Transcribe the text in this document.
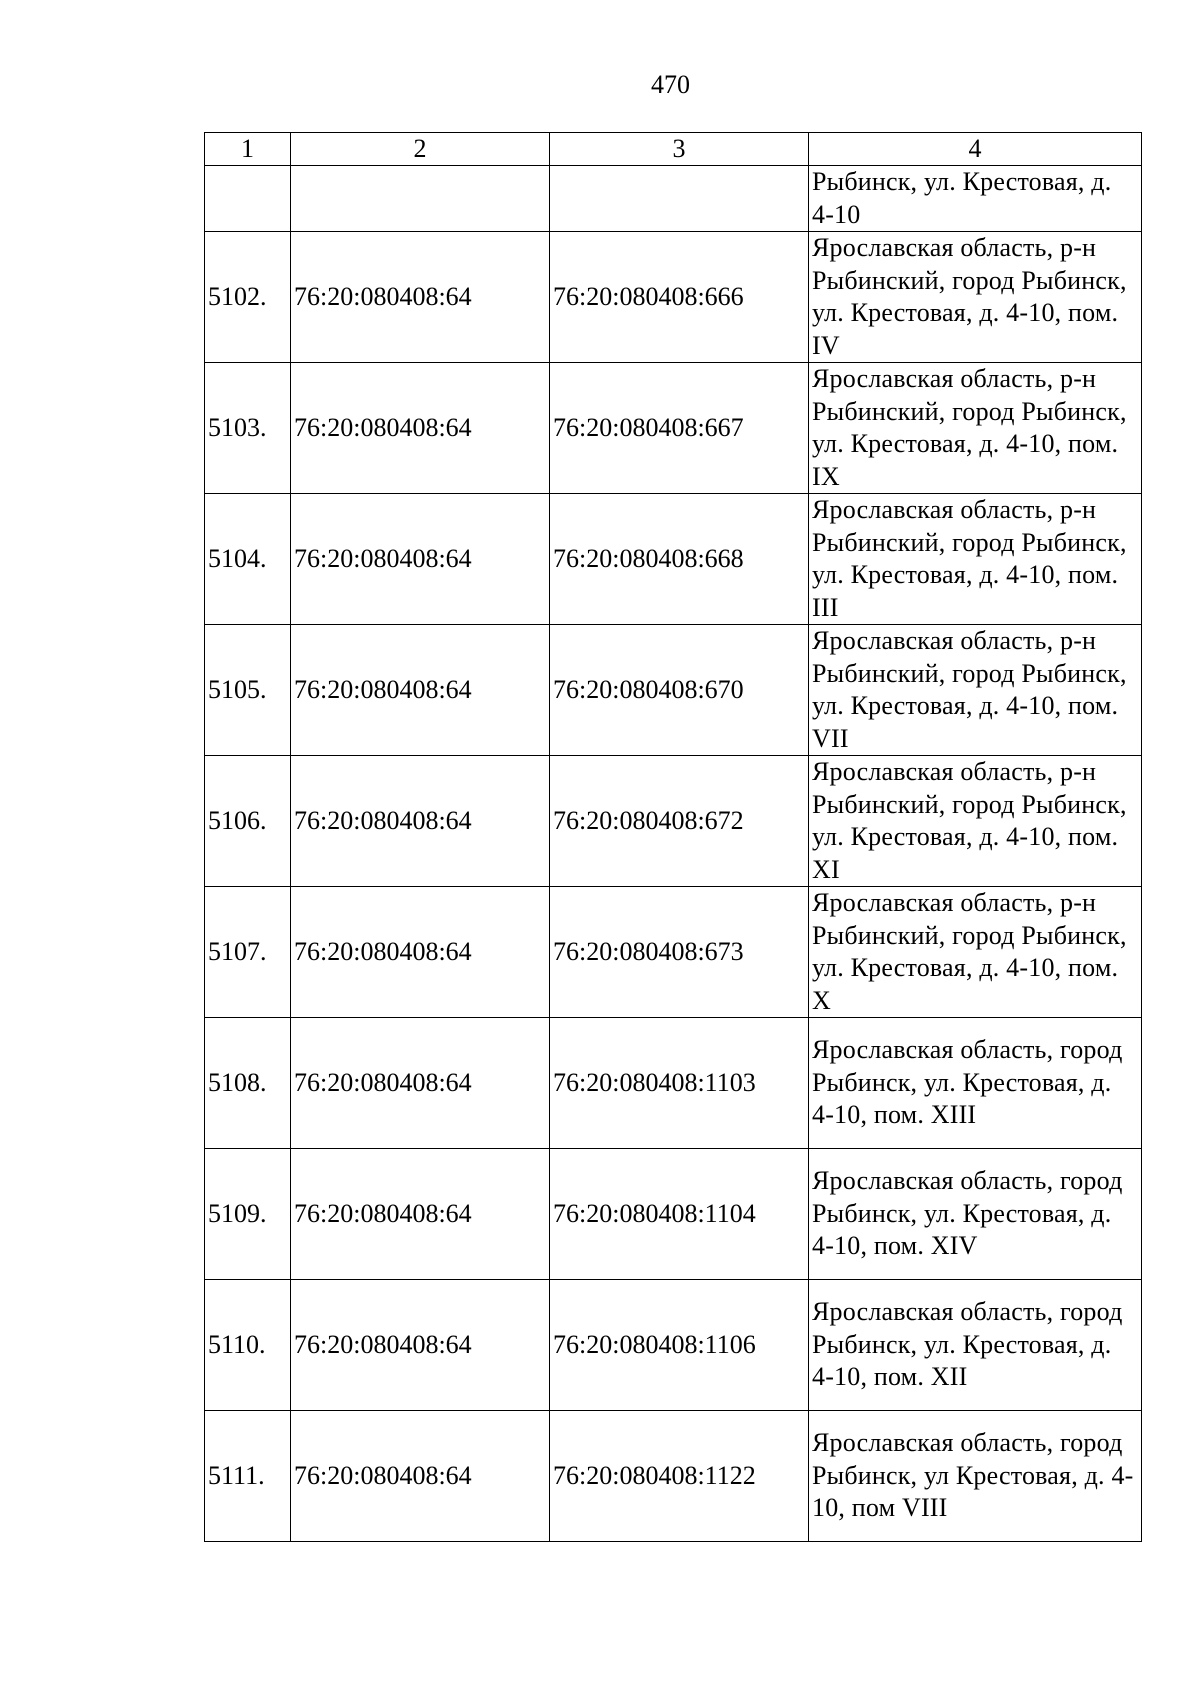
470
1	2	3	4
			Рыбинск, ул. Крестовая, д. 4-10
5102.	76:20:080408:64	76:20:080408:666	Ярославская область, р-н Рыбинский, город Рыбинск, ул. Крестовая, д. 4-10, пом. IV
5103.	76:20:080408:64	76:20:080408:667	Ярославская область, р-н Рыбинский, город Рыбинск, ул. Крестовая, д. 4-10, пом. IX
5104.	76:20:080408:64	76:20:080408:668	Ярославская область, р-н Рыбинский, город Рыбинск, ул. Крестовая, д. 4-10, пом. III
5105.	76:20:080408:64	76:20:080408:670	Ярославская область, р-н Рыбинский, город Рыбинск, ул. Крестовая, д. 4-10, пом. VII
5106.	76:20:080408:64	76:20:080408:672	Ярославская область, р-н Рыбинский, город Рыбинск, ул. Крестовая, д. 4-10, пом. XI
5107.	76:20:080408:64	76:20:080408:673	Ярославская область, р-н Рыбинский, город Рыбинск, ул. Крестовая, д. 4-10, пом. X
5108.	76:20:080408:64	76:20:080408:1103	Ярославская область, город Рыбинск, ул. Крестовая, д. 4-10, пом. XIII
5109.	76:20:080408:64	76:20:080408:1104	Ярославская область, город Рыбинск, ул. Крестовая, д. 4-10, пом. XIV
5110.	76:20:080408:64	76:20:080408:1106	Ярославская область, город Рыбинск, ул. Крестовая, д. 4-10, пом. XII
5111.	76:20:080408:64	76:20:080408:1122	Ярославская область, город Рыбинск, ул Крестовая, д. 4-10, пом VIII
